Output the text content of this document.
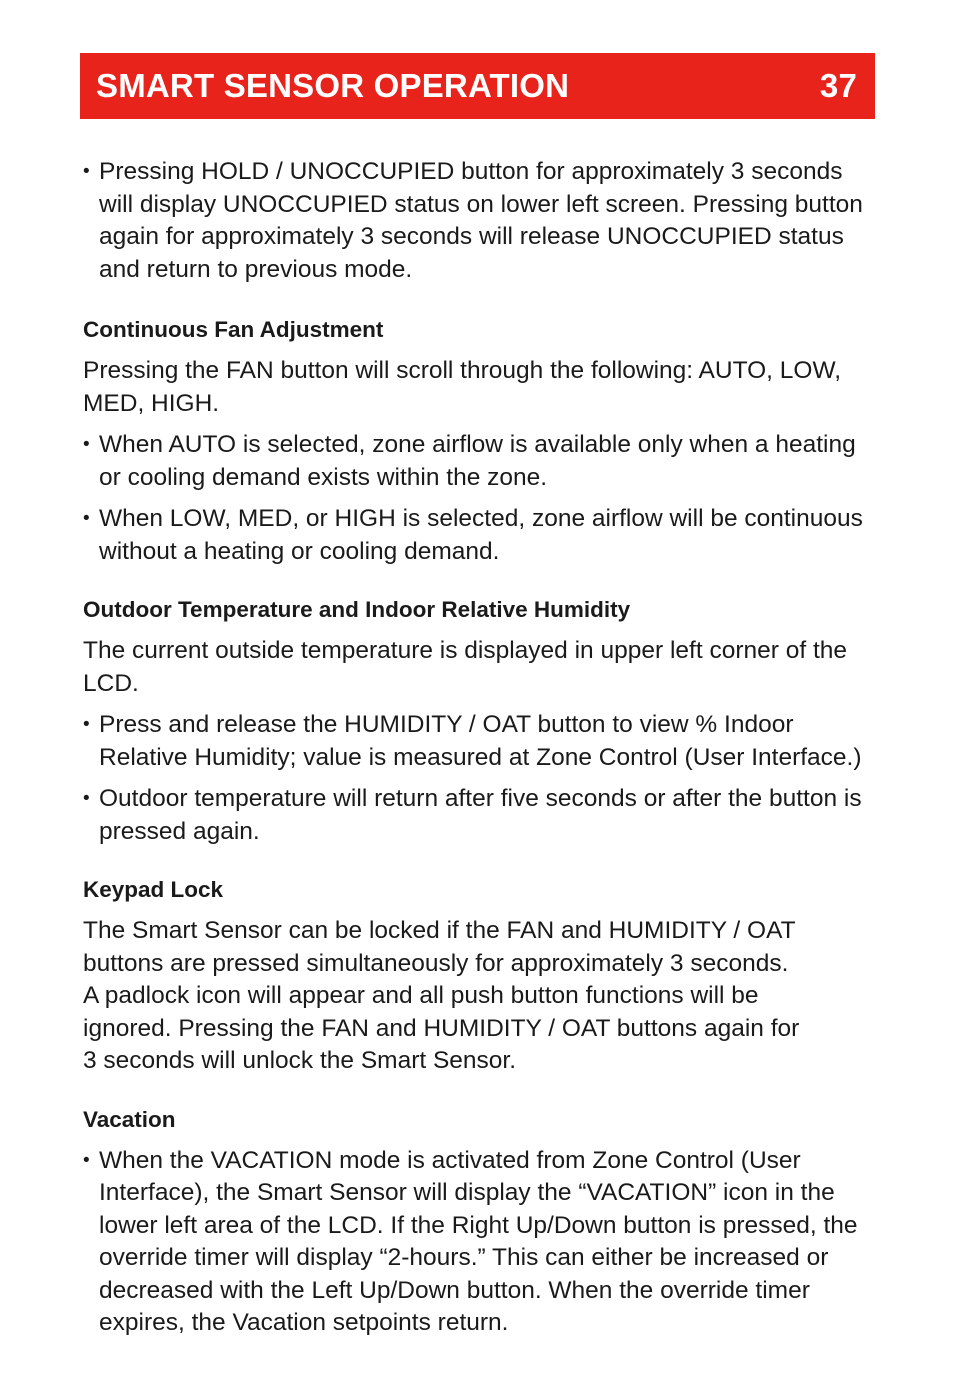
SMART SENSOR OPERATION	37

• Pressing HOLD / UNOCCUPIED button for approximately 3 seconds will display UNOCCUPIED status on lower left screen. Pressing button again for approximately 3 seconds will release UNOCCUPIED status and return to previous mode.

Continuous Fan Adjustment

Pressing the FAN button will scroll through the following: AUTO, LOW, MED, HIGH.

• When AUTO is selected, zone airflow is available only when a heating or cooling demand exists within the zone.

• When LOW, MED, or HIGH is selected, zone airflow will be continuous without a heating or cooling demand.

Outdoor Temperature and Indoor Relative Humidity

The current outside temperature is displayed in upper left corner of the LCD.

• Press and release the HUMIDITY / OAT button to view % Indoor Relative Humidity; value is measured at Zone Control (User Interface.)

• Outdoor temperature will return after five seconds or after the button is pressed again.

Keypad Lock

The Smart Sensor can be locked if the FAN and HUMIDITY / OAT
buttons are pressed simultaneously for approximately 3 seconds.
A padlock icon will appear and all push button functions will be
ignored. Pressing the FAN and HUMIDITY / OAT buttons again for
3 seconds will unlock the Smart Sensor.

Vacation

• When the VACATION mode is activated from Zone Control (User Interface), the Smart Sensor will display the “VACATION” icon in the lower left area of the LCD. If the Right Up/Down button is pressed, the override timer will display “2-hours.” This can either be increased or decreased with the Left Up/Down button. When the override timer expires, the Vacation setpoints return.
